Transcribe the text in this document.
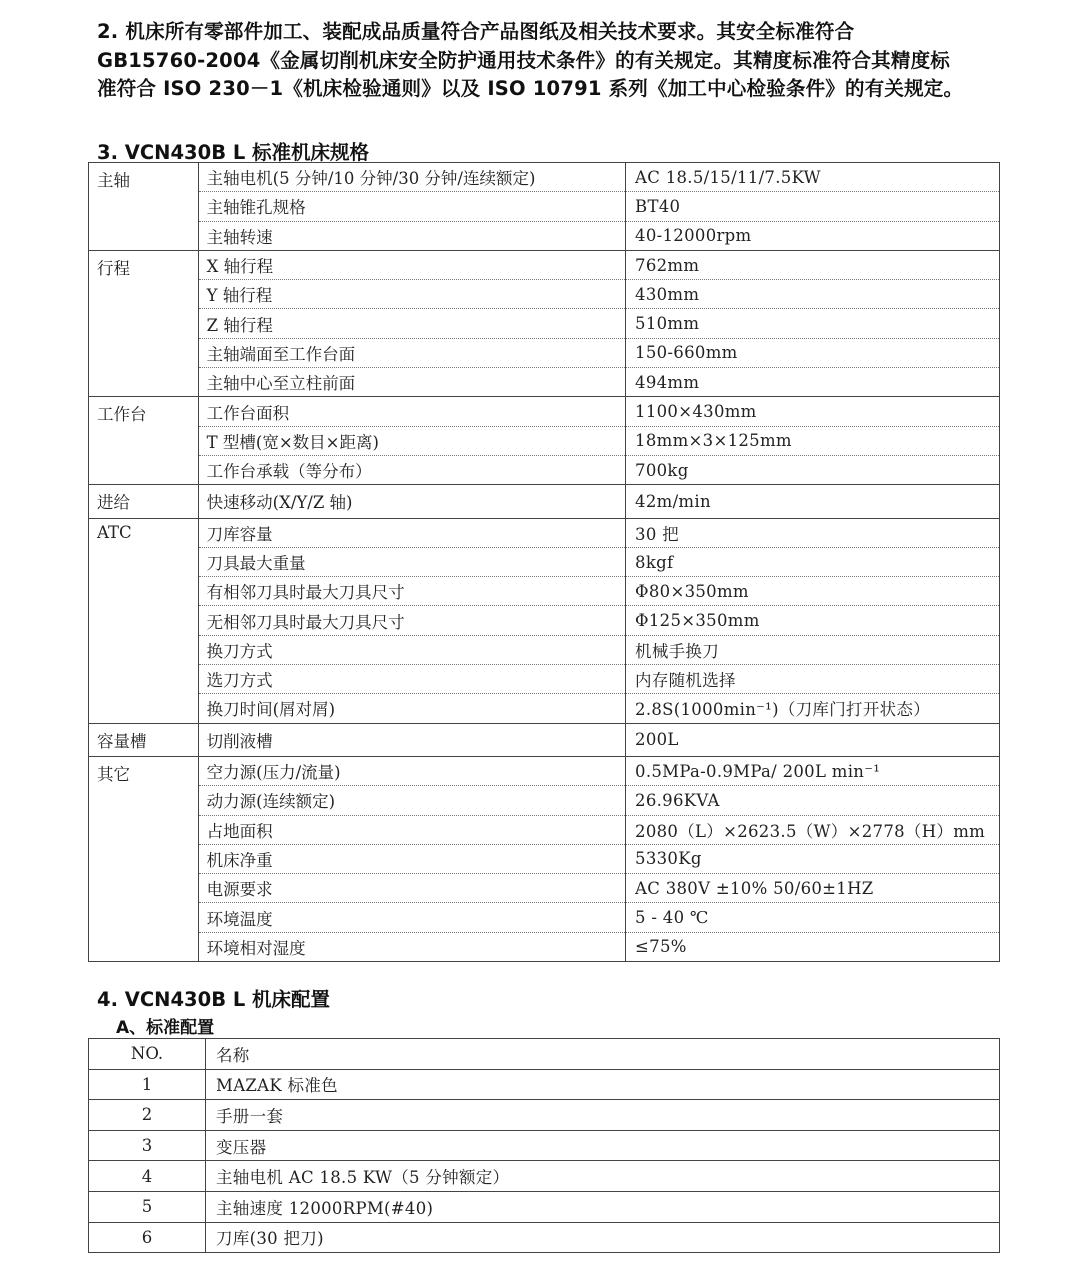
2. 机床所有零部件加工、装配成品质量符合产品图纸及相关技术要求。其安全标准符合

GB15760-2004《金属切削机床安全防护通用技术条件》的有关规定。其精度标准符合其精度标

准符合 ISO 230－1《机床检验通则》以及 ISO 10791 系列《加工中心检验条件》的有关规定。

3. VCN430B L 标准机床规格
主轴	主轴电机(5 分钟/10 分钟/30 分钟/连续额定)	AC 18.5/15/11/7.5KW
	主轴锥孔规格	BT40
	主轴转速	40-12000rpm
行程	X 轴行程	762mm
	Y 轴行程	430mm
	Z 轴行程	510mm
	主轴端面至工作台面	150-660mm
	主轴中心至立柱前面	494mm
工作台	工作台面积	1100×430mm
	T 型槽(宽×数目×距离)	18mm×3×125mm
	工作台承载（等分布）	700kg
进给	快速移动(X/Y/Z 轴)	42m/min
ATC	刀库容量	30 把
	刀具最大重量	8kgf
	有相邻刀具时最大刀具尺寸	Φ80×350mm
	无相邻刀具时最大刀具尺寸	Φ125×350mm
	换刀方式	机械手换刀
	选刀方式	内存随机选择
	换刀时间(屑对屑)	2.8S(1000min⁻¹)（刀库门打开状态）
容量槽	切削液槽	200L
其它	空力源(压力/流量)	0.5MPa-0.9MPa/ 200L min⁻¹
	动力源(连续额定)	26.96KVA
	占地面积	2080（L）×2623.5（W）×2778（H）mm
	机床净重	5330Kg
	电源要求	AC 380V ±10% 50/60±1HZ
	环境温度	5 - 40 ℃
	环境相对湿度	≤75%
4. VCN430B L 机床配置
A、标准配置
NO.	名称
1	MAZAK 标准色
2	手册一套
3	变压器
4	主轴电机 AC 18.5 KW（5 分钟额定）
5	主轴速度 12000RPM(#40)
6	刀库(30 把刀)
